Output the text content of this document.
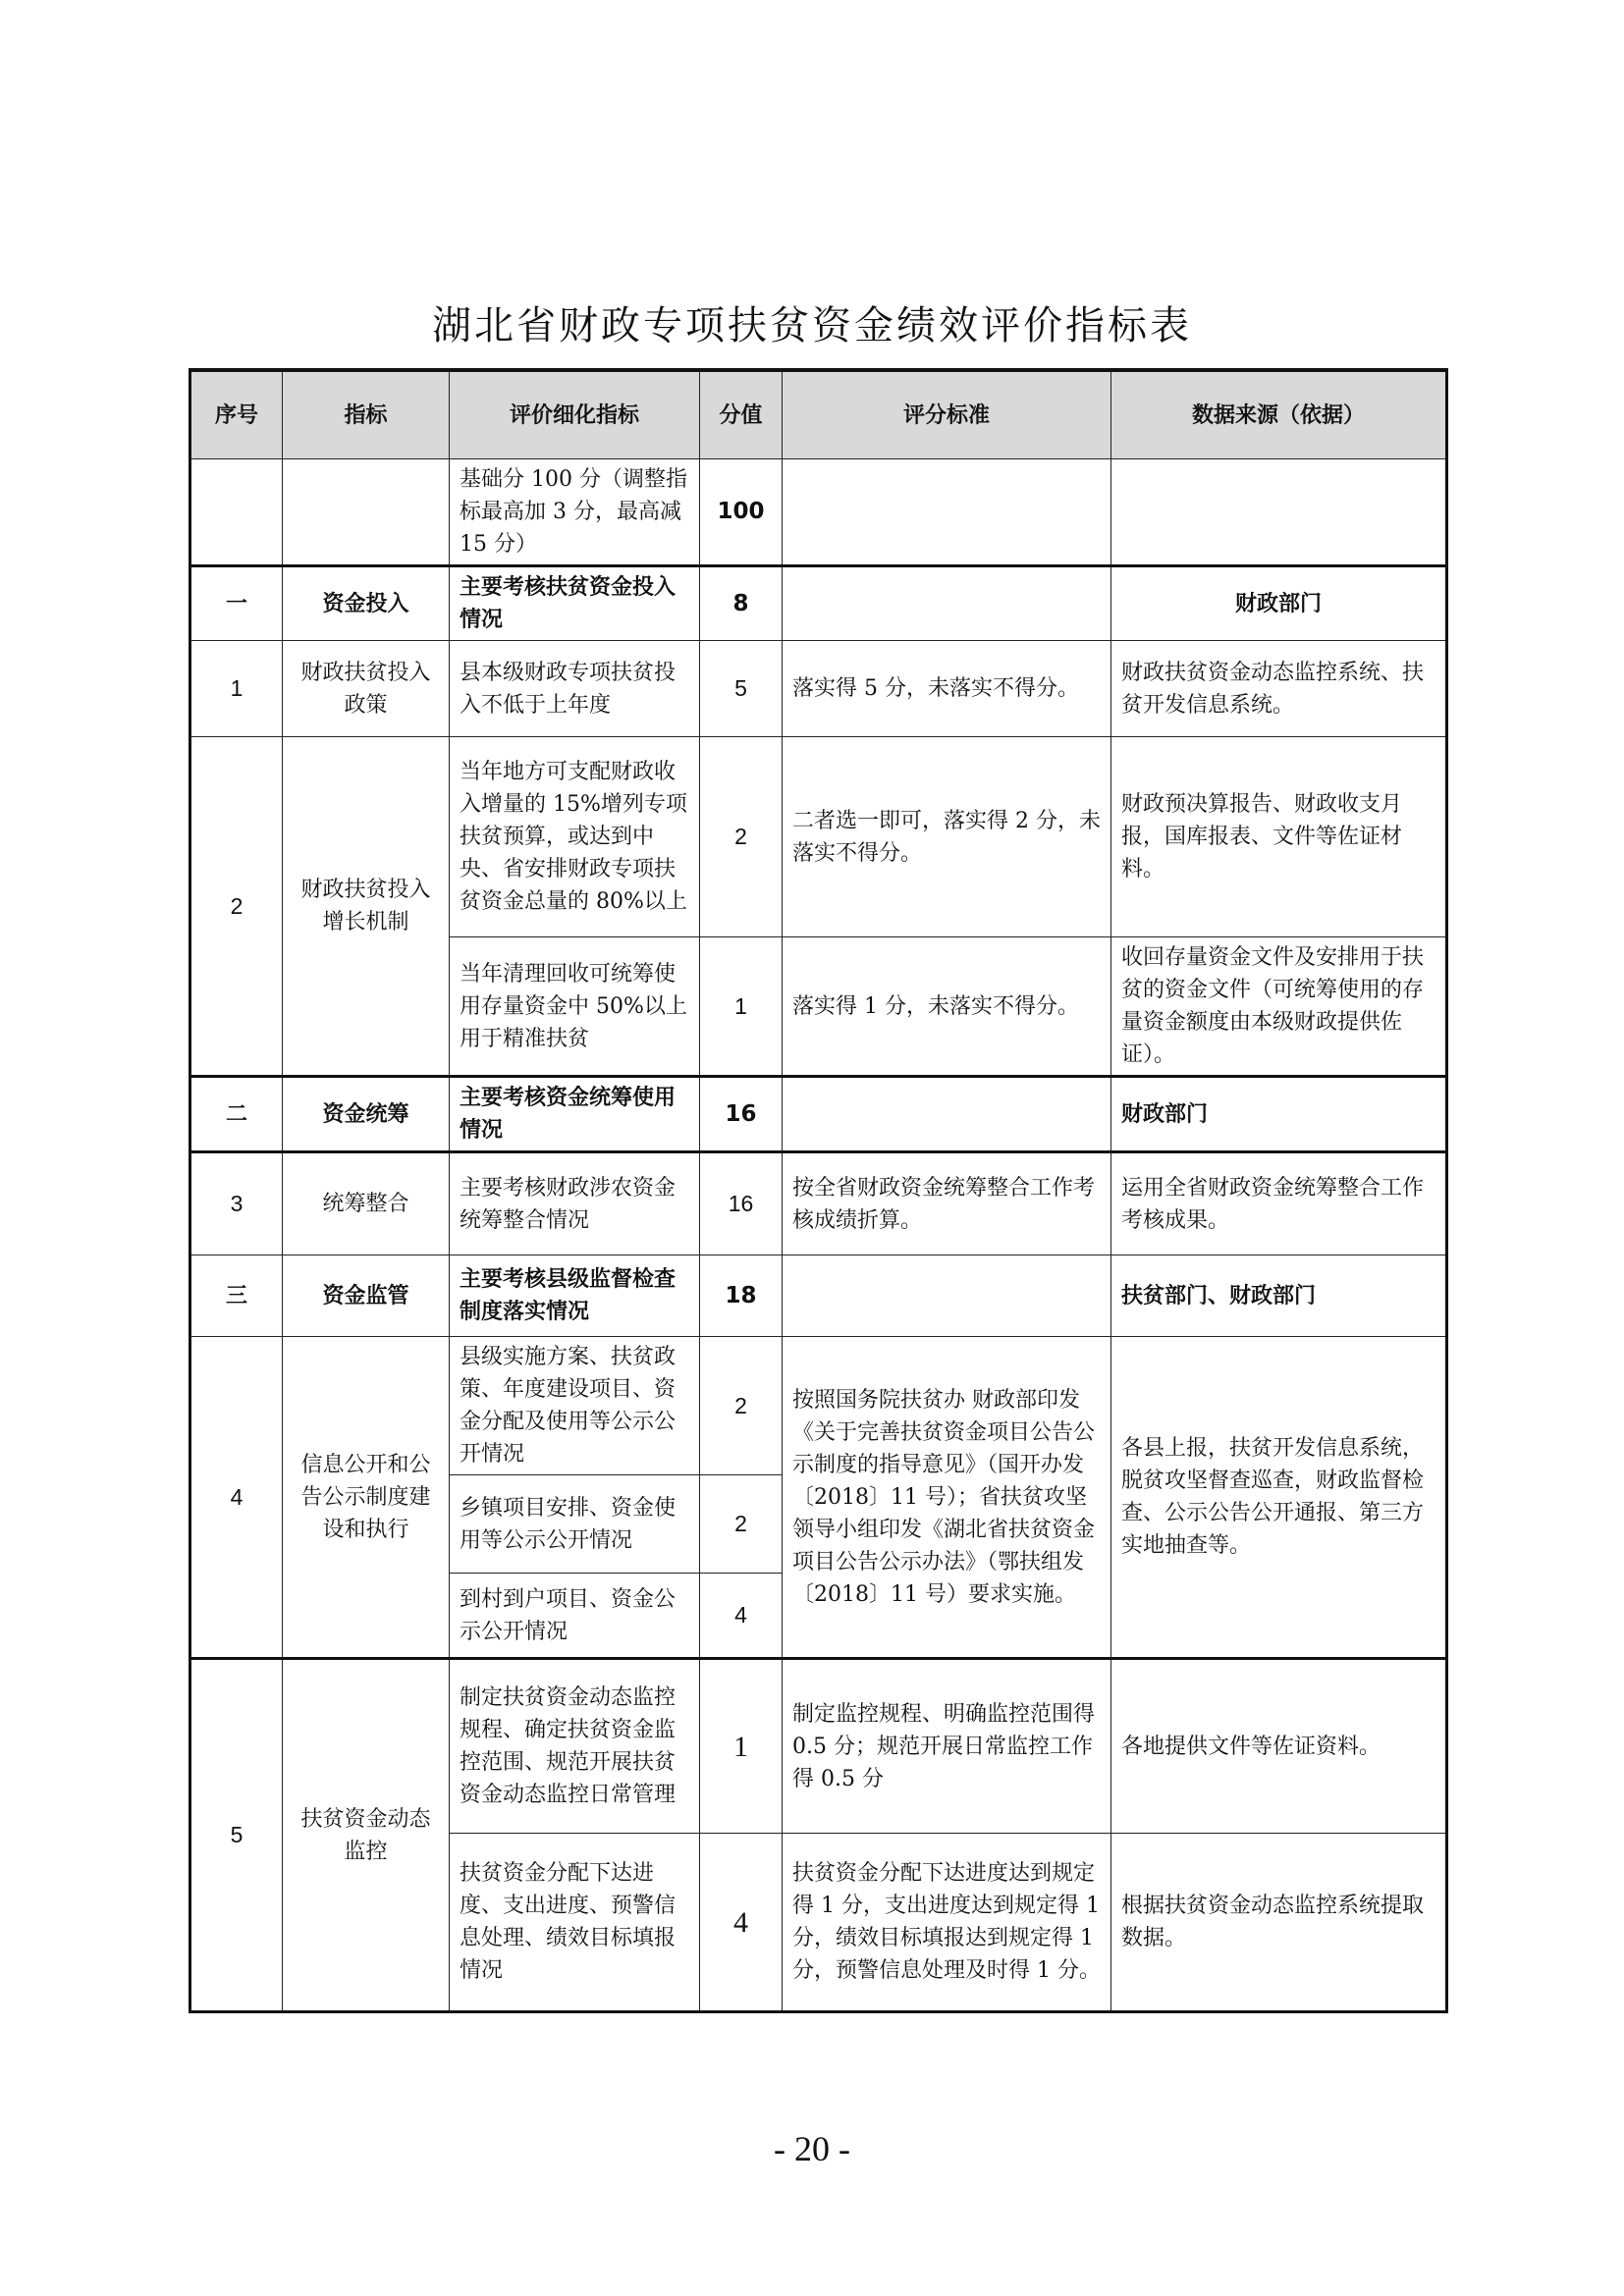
湖北省财政专项扶贫资金绩效评价指标表
序号	指标	评价细化指标	分值	评分标准	数据来源（依据）
		基础分 100 分（调整指标最高加 3 分，最高减 15 分）	100		
一	资金投入	主要考核扶贫资金投入情况	8		财政部门
1	财政扶贫投入政策	县本级财政专项扶贫投入不低于上年度	5	落实得 5 分，未落实不得分。	财政扶贫资金动态监控系统、扶贫开发信息系统。
2	财政扶贫投入增长机制	当年地方可支配财政收入增量的 15%增列专项扶贫预算，或达到中央、省安排财政专项扶贫资金总量的 80%以上	2	二者选一即可，落实得 2 分，未落实不得分。	财政预决算报告、财政收支月报，国库报表、文件等佐证材料。
		当年清理回收可统筹使用存量资金中 50%以上用于精准扶贫	1	落实得 1 分，未落实不得分。	收回存量资金文件及安排用于扶贫的资金文件（可统筹使用的存量资金额度由本级财政提供佐证）。
二	资金统筹	主要考核资金统筹使用情况	16		财政部门
3	统筹整合	主要考核财政涉农资金统筹整合情况	16	按全省财政资金统筹整合工作考核成绩折算。	运用全省财政资金统筹整合工作考核成果。
三	资金监管	主要考核县级监督检查制度落实情况	18		扶贫部门、财政部门
4	信息公开和公告公示制度建设和执行	县级实施方案、扶贫政策、年度建设项目、资金分配及使用等公示公开情况	2	按照国务院扶贫办 财政部印发《关于完善扶贫资金项目公告公示制度的指导意见》（国开办发〔2018〕11 号）；省扶贫攻坚领导小组印发《湖北省扶贫资金项目公告公示办法》（鄂扶组发〔2018〕11 号）要求实施。	各县上报，扶贫开发信息系统，脱贫攻坚督查巡查，财政监督检查、公示公告公开通报、第三方实地抽查等。
		乡镇项目安排、资金使用等公示公开情况	2		
		到村到户项目、资金公示公开情况	4		
5	扶贫资金动态监控	制定扶贫资金动态监控规程、确定扶贫资金监控范围、规范开展扶贫资金动态监控日常管理	1	制定监控规程、明确监控范围得 0.5 分；规范开展日常监控工作得 0.5 分	各地提供文件等佐证资料。
		扶贫资金分配下达进度、支出进度、预警信息处理、绩效目标填报情况	4	扶贫资金分配下达进度达到规定得 1 分，支出进度达到规定得 1 分，绩效目标填报达到规定得 1 分，预警信息处理及时得 1 分。	根据扶贫资金动态监控系统提取数据。
- 20 -
